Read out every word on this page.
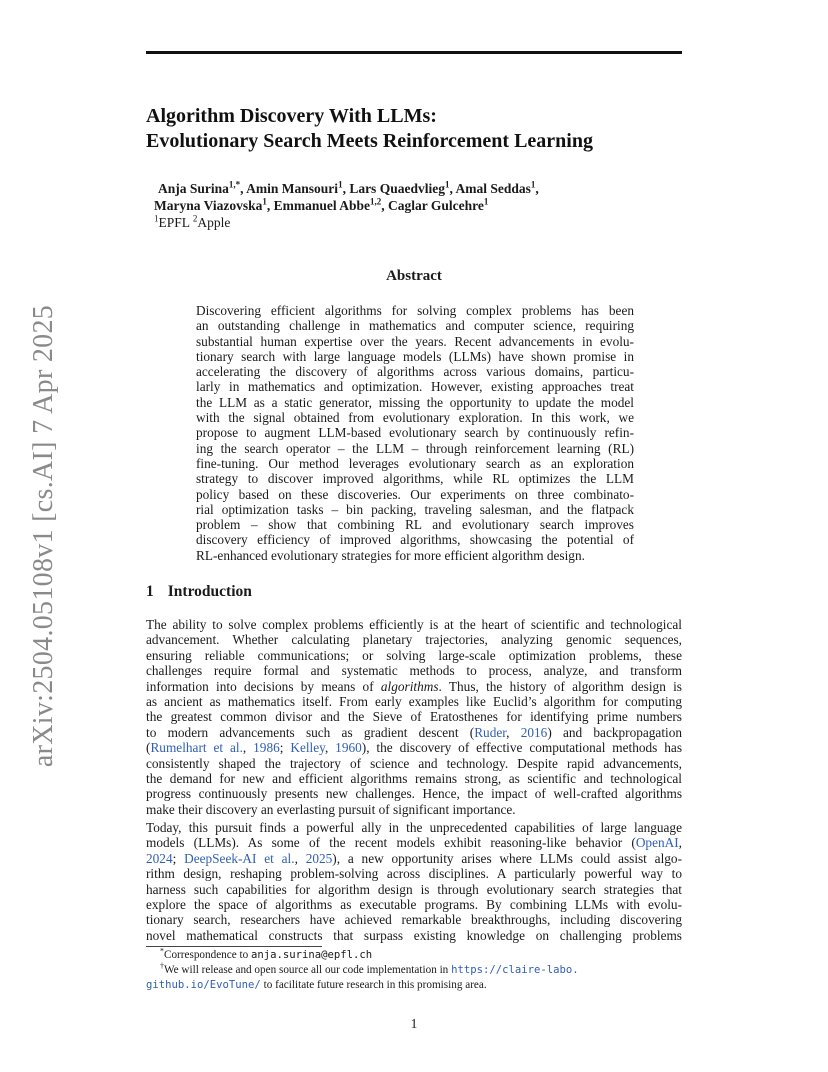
arXiv:2504.05108v1 [cs.AI] 7 Apr 2025
Algorithm Discovery With LLMs:
Evolutionary Search Meets Reinforcement Learning
Anja Surina$^{1,*}$, Amin Mansouri$^1$, Lars Quaedvlieg$^1$, Amal Seddas$^1$,
Maryna Viazovska$^1$, Emmanuel Abbe$^{1,2}$, Caglar Gulcehre$^1$
$^1$EPFL $^2$Apple
Abstract
Discovering efficient algorithms for solving complex problems has been
an outstanding challenge in mathematics and computer science, requiring
substantial human expertise over the years. Recent advancements in evolu-
tionary search with large language models (LLMs) have shown promise in
accelerating the discovery of algorithms across various domains, particu-
larly in mathematics and optimization. However, existing approaches treat
the LLM as a static generator, missing the opportunity to update the model
with the signal obtained from evolutionary exploration. In this work, we
propose to augment LLM-based evolutionary search by continuously refin-
ing the search operator – the LLM – through reinforcement learning (RL)
fine-tuning. Our method leverages evolutionary search as an exploration
strategy to discover improved algorithms, while RL optimizes the LLM
policy based on these discoveries. Our experiments on three combinato-
rial optimization tasks – bin packing, traveling salesman, and the flatpack
problem – show that combining RL and evolutionary search improves
discovery efficiency of improved algorithms, showcasing the potential of
RL-enhanced evolutionary strategies for more efficient algorithm design.
1 Introduction
The ability to solve complex problems efficiently is at the heart of scientific and technological
advancement. Whether calculating planetary trajectories, analyzing genomic sequences,
ensuring reliable communications; or solving large-scale optimization problems, these
challenges require formal and systematic methods to process, analyze, and transform
information into decisions by means of algorithms. Thus, the history of algorithm design is
as ancient as mathematics itself. From early examples like Euclid’s algorithm for computing
the greatest common divisor and the Sieve of Eratosthenes for identifying prime numbers
to modern advancements such as gradient descent (Ruder, 2016) and backpropagation
(Rumelhart et al., 1986; Kelley, 1960), the discovery of effective computational methods has
consistently shaped the trajectory of science and technology. Despite rapid advancements,
the demand for new and efficient algorithms remains strong, as scientific and technological
progress continuously presents new challenges. Hence, the impact of well-crafted algorithms
make their discovery an everlasting pursuit of significant importance.
Today, this pursuit finds a powerful ally in the unprecedented capabilities of large language
models (LLMs). As some of the recent models exhibit reasoning-like behavior (OpenAI,
2024; DeepSeek-AI et al., 2025), a new opportunity arises where LLMs could assist algo-
rithm design, reshaping problem-solving across disciplines. A particularly powerful way to
harness such capabilities for algorithm design is through evolutionary search strategies that
explore the space of algorithms as executable programs. By combining LLMs with evolu-
tionary search, researchers have achieved remarkable breakthroughs, including discovering
novel mathematical constructs that surpass existing knowledge on challenging problems
*Correspondence to anja.surina@epfl.ch
†We will release and open source all our code implementation in https://claire-labo.
github.io/EvoTune/ to facilitate future research in this promising area.
1
